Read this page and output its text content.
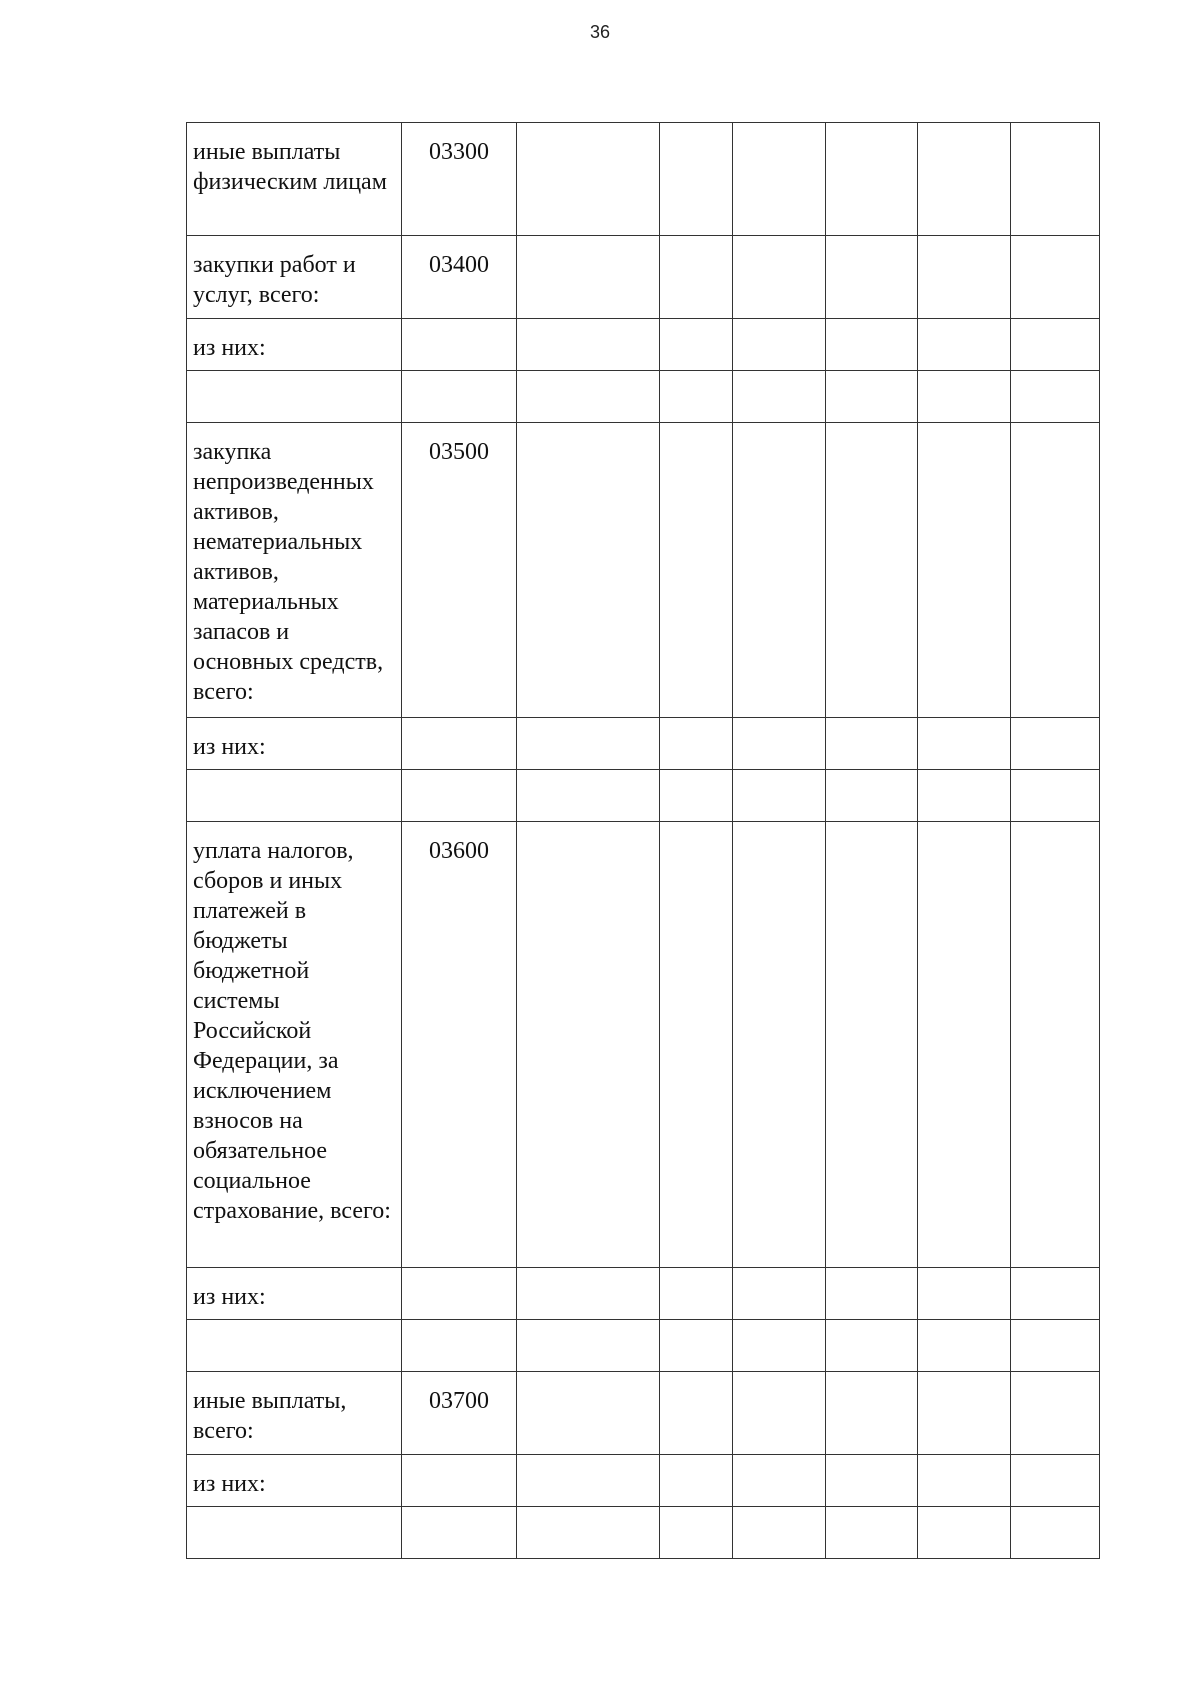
36
иные выплаты физическим лицам	03300						
закупки работ и услуг, всего:	03400						
из них:							

закупка непроизведенных активов, нематериальных активов, материальных запасов и основных средств, всего:	03500						
из них:							

уплата налогов, сборов и иных платежей в бюджеты бюджетной системы Российской Федерации, за исключением взносов на обязательное социальное страхование, всего:	03600						
из них:							

иные выплаты, всего:	03700						
из них:							
